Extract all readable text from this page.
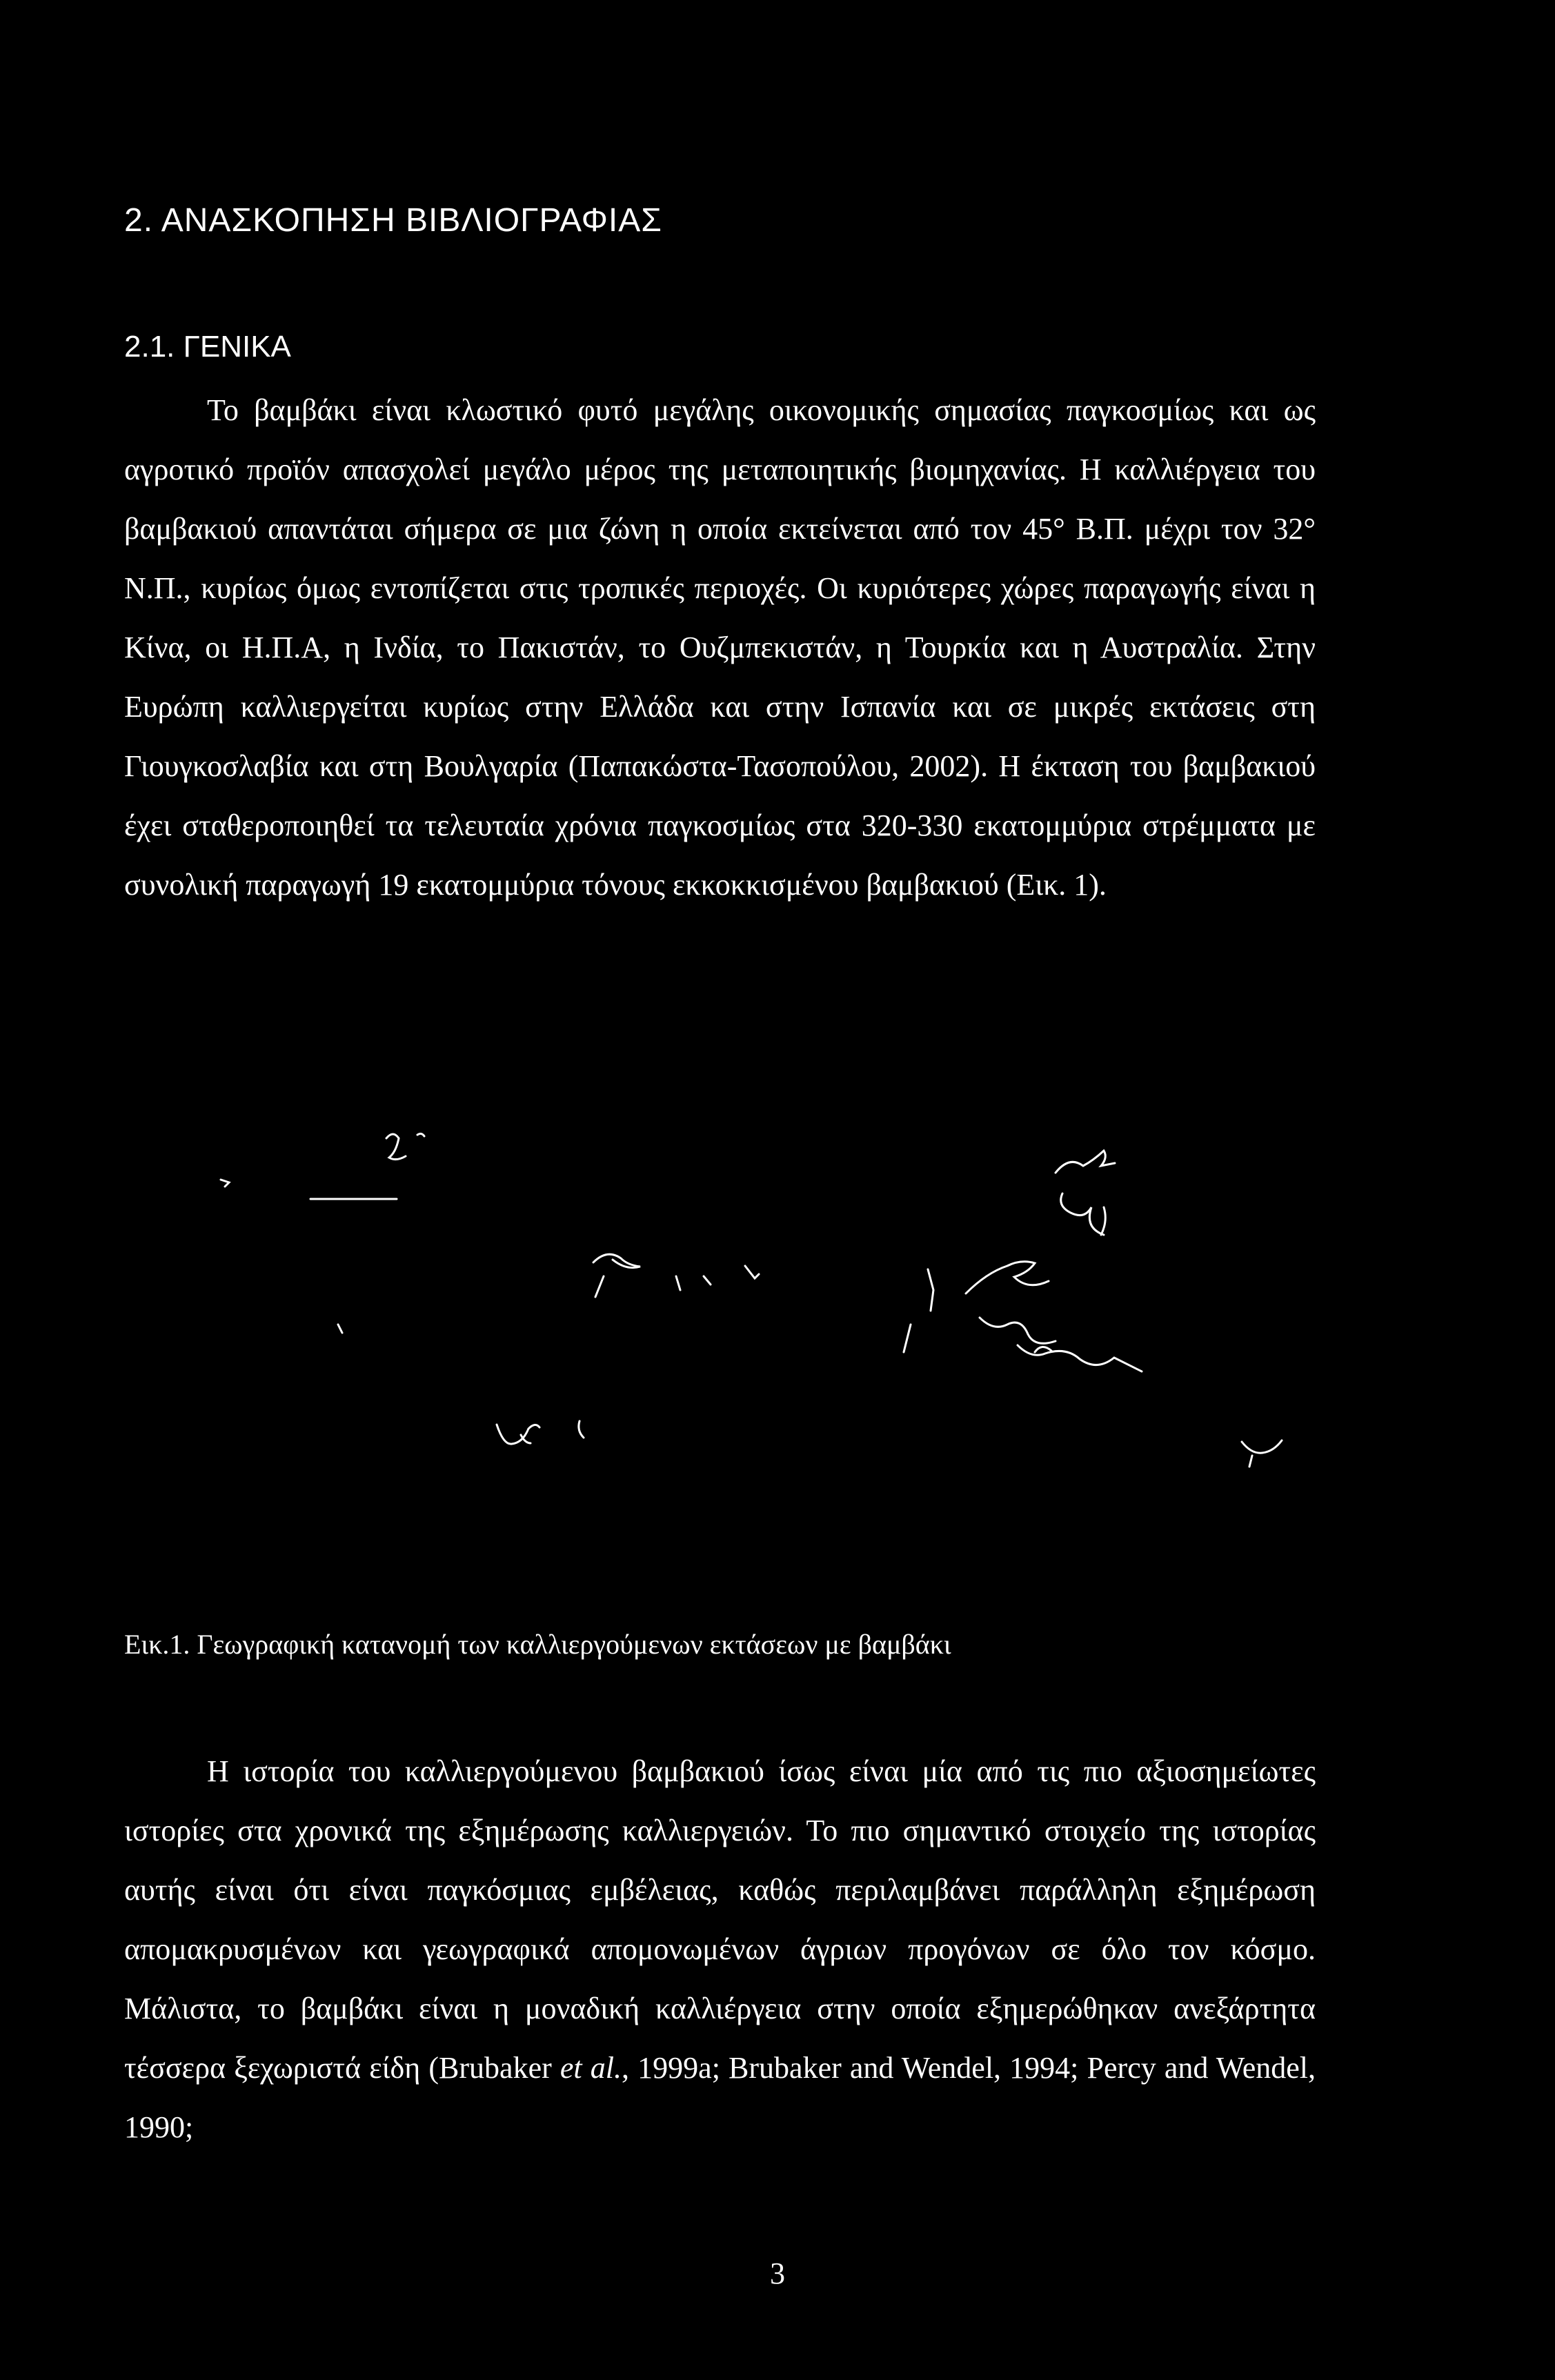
2. ΑΝΑΣΚΟΠΗΣΗ ΒΙΒΛΙΟΓΡΑΦΙΑΣ
2.1. ΓΕΝΙΚΑ

Το βαμβάκι είναι κλωστικό φυτό μεγάλης οικονομικής σημασίας παγκοσμίως και ως αγροτικό προϊόν απασχολεί μεγάλο μέρος της μεταποιητικής βιομηχανίας. Η καλλιέργεια του βαμβακιού απαντάται σήμερα σε μια ζώνη η οποία εκτείνεται από τον 45° Β.Π. μέχρι τον 32° Ν.Π., κυρίως όμως εντοπίζεται στις τροπικές περιοχές. Οι κυριότερες χώρες παραγωγής είναι η Κίνα, οι Η.Π.Α, η Ινδία, το Πακιστάν, το Ουζμπεκιστάν, η Τουρκία και η Αυστραλία. Στην Ευρώπη καλλιεργείται κυρίως στην Ελλάδα και στην Ισπανία και σε μικρές εκτάσεις στη Γιουγκοσλαβία και στη Βουλγαρία (Παπακώστα-Τασοπούλου, 2002). Η έκταση του βαμβακιού έχει σταθεροποιηθεί τα τελευταία χρόνια παγκοσμίως στα 320-330 εκατομμύρια στρέμματα με συνολική παραγωγή 19 εκατομμύρια τόνους εκκοκκισμένου βαμβακιού (Εικ. 1).

Εικ.1. Γεωγραφική κατανομή των καλλιεργούμενων εκτάσεων με βαμβάκι

Η ιστορία του καλλιεργούμενου βαμβακιού ίσως είναι μία από τις πιο αξιοσημείωτες ιστορίες στα χρονικά της εξημέρωσης καλλιεργειών. Το πιο σημαντικό στοιχείο της ιστορίας αυτής είναι ότι είναι παγκόσμιας εμβέλειας, καθώς περιλαμβάνει παράλληλη εξημέρωση απομακρυσμένων και γεωγραφικά απομονωμένων άγριων προγόνων σε όλο τον κόσμο. Μάλιστα, το βαμβάκι είναι η μοναδική καλλιέργεια στην οποία εξημερώθηκαν ανεξάρτητα τέσσερα ξεχωριστά είδη (Brubaker et al., 1999a; Brubaker and Wendel, 1994; Percy and Wendel, 1990;

3
